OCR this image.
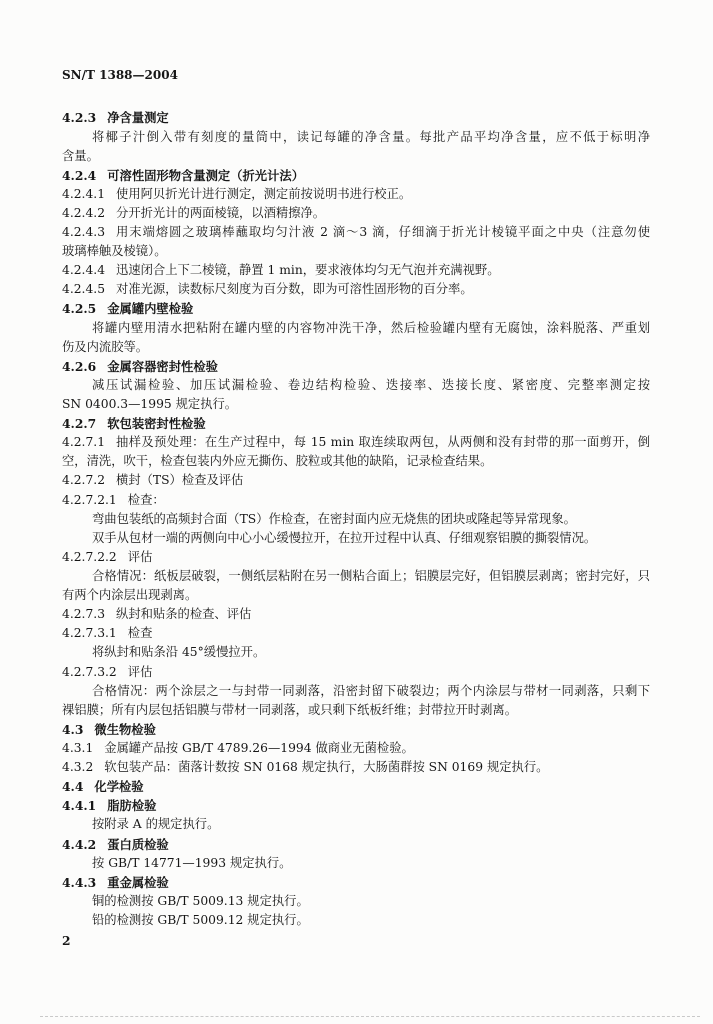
SN/T 1388—2004
4.2.3 净含量测定
将椰子汁倒入带有刻度的量筒中，读记每罐的净含量。每批产品平均净含量，应不低于标明净
含量。
4.2.4 可溶性固形物含量测定（折光计法）
4.2.4.1 使用阿贝折光计进行测定，测定前按说明书进行校正。
4.2.4.2 分开折光计的两面棱镜，以酒精擦净。
4.2.4.3 用末端熔圆之玻璃棒蘸取均匀汁液 2 滴～3 滴，仔细滴于折光计棱镜平面之中央（注意勿使
玻璃棒触及棱镜）。
4.2.4.4 迅速闭合上下二棱镜，静置 1 min，要求液体均匀无气泡并充满视野。
4.2.4.5 对准光源，读数标尺刻度为百分数，即为可溶性固形物的百分率。
4.2.5 金属罐内壁检验
将罐内壁用清水把粘附在罐内壁的内容物冲洗干净，然后检验罐内壁有无腐蚀，涂料脱落、严重划
伤及内流胶等。
4.2.6 金属容器密封性检验
减压试漏检验、加压试漏检验、卷边结构检验、迭接率、迭接长度、紧密度、完整率测定按
SN 0400.3—1995 规定执行。
4.2.7 软包装密封性检验
4.2.7.1 抽样及预处理：在生产过程中，每 15 min 取连续取两包，从两侧和没有封带的那一面剪开，倒
空，清洗，吹干，检查包装内外应无撕伤、胶粒或其他的缺陷，记录检查结果。
4.2.7.2 横封（TS）检查及评估
4.2.7.2.1 检查：
弯曲包装纸的高频封合面（TS）作检查，在密封面内应无烧焦的团块或隆起等异常现象。
双手从包材一端的两侧向中心小心缓慢拉开，在拉开过程中认真、仔细观察铝膜的撕裂情况。
4.2.7.2.2 评估
合格情况：纸板层破裂，一侧纸层粘附在另一侧粘合面上；铝膜层完好，但铝膜层剥离；密封完好，只
有两个内涂层出现剥离。
4.2.7.3 纵封和贴条的检查、评估
4.2.7.3.1 检查
将纵封和贴条沿 45°缓慢拉开。
4.2.7.3.2 评估
合格情况：两个涂层之一与封带一同剥落，沿密封留下破裂边；两个内涂层与带材一同剥落，只剩下
裸铝膜；所有内层包括铝膜与带材一同剥落，或只剩下纸板纤维；封带拉开时剥离。
4.3 微生物检验
4.3.1 金属罐产品按 GB/T 4789.26—1994 做商业无菌检验。
4.3.2 软包装产品：菌落计数按 SN 0168 规定执行，大肠菌群按 SN 0169 规定执行。
4.4 化学检验
4.4.1 脂肪检验
按附录 A 的规定执行。
4.4.2 蛋白质检验
按 GB/T 14771—1993 规定执行。
4.4.3 重金属检验
铜的检测按 GB/T 5009.13 规定执行。
铅的检测按 GB/T 5009.12 规定执行。
2
